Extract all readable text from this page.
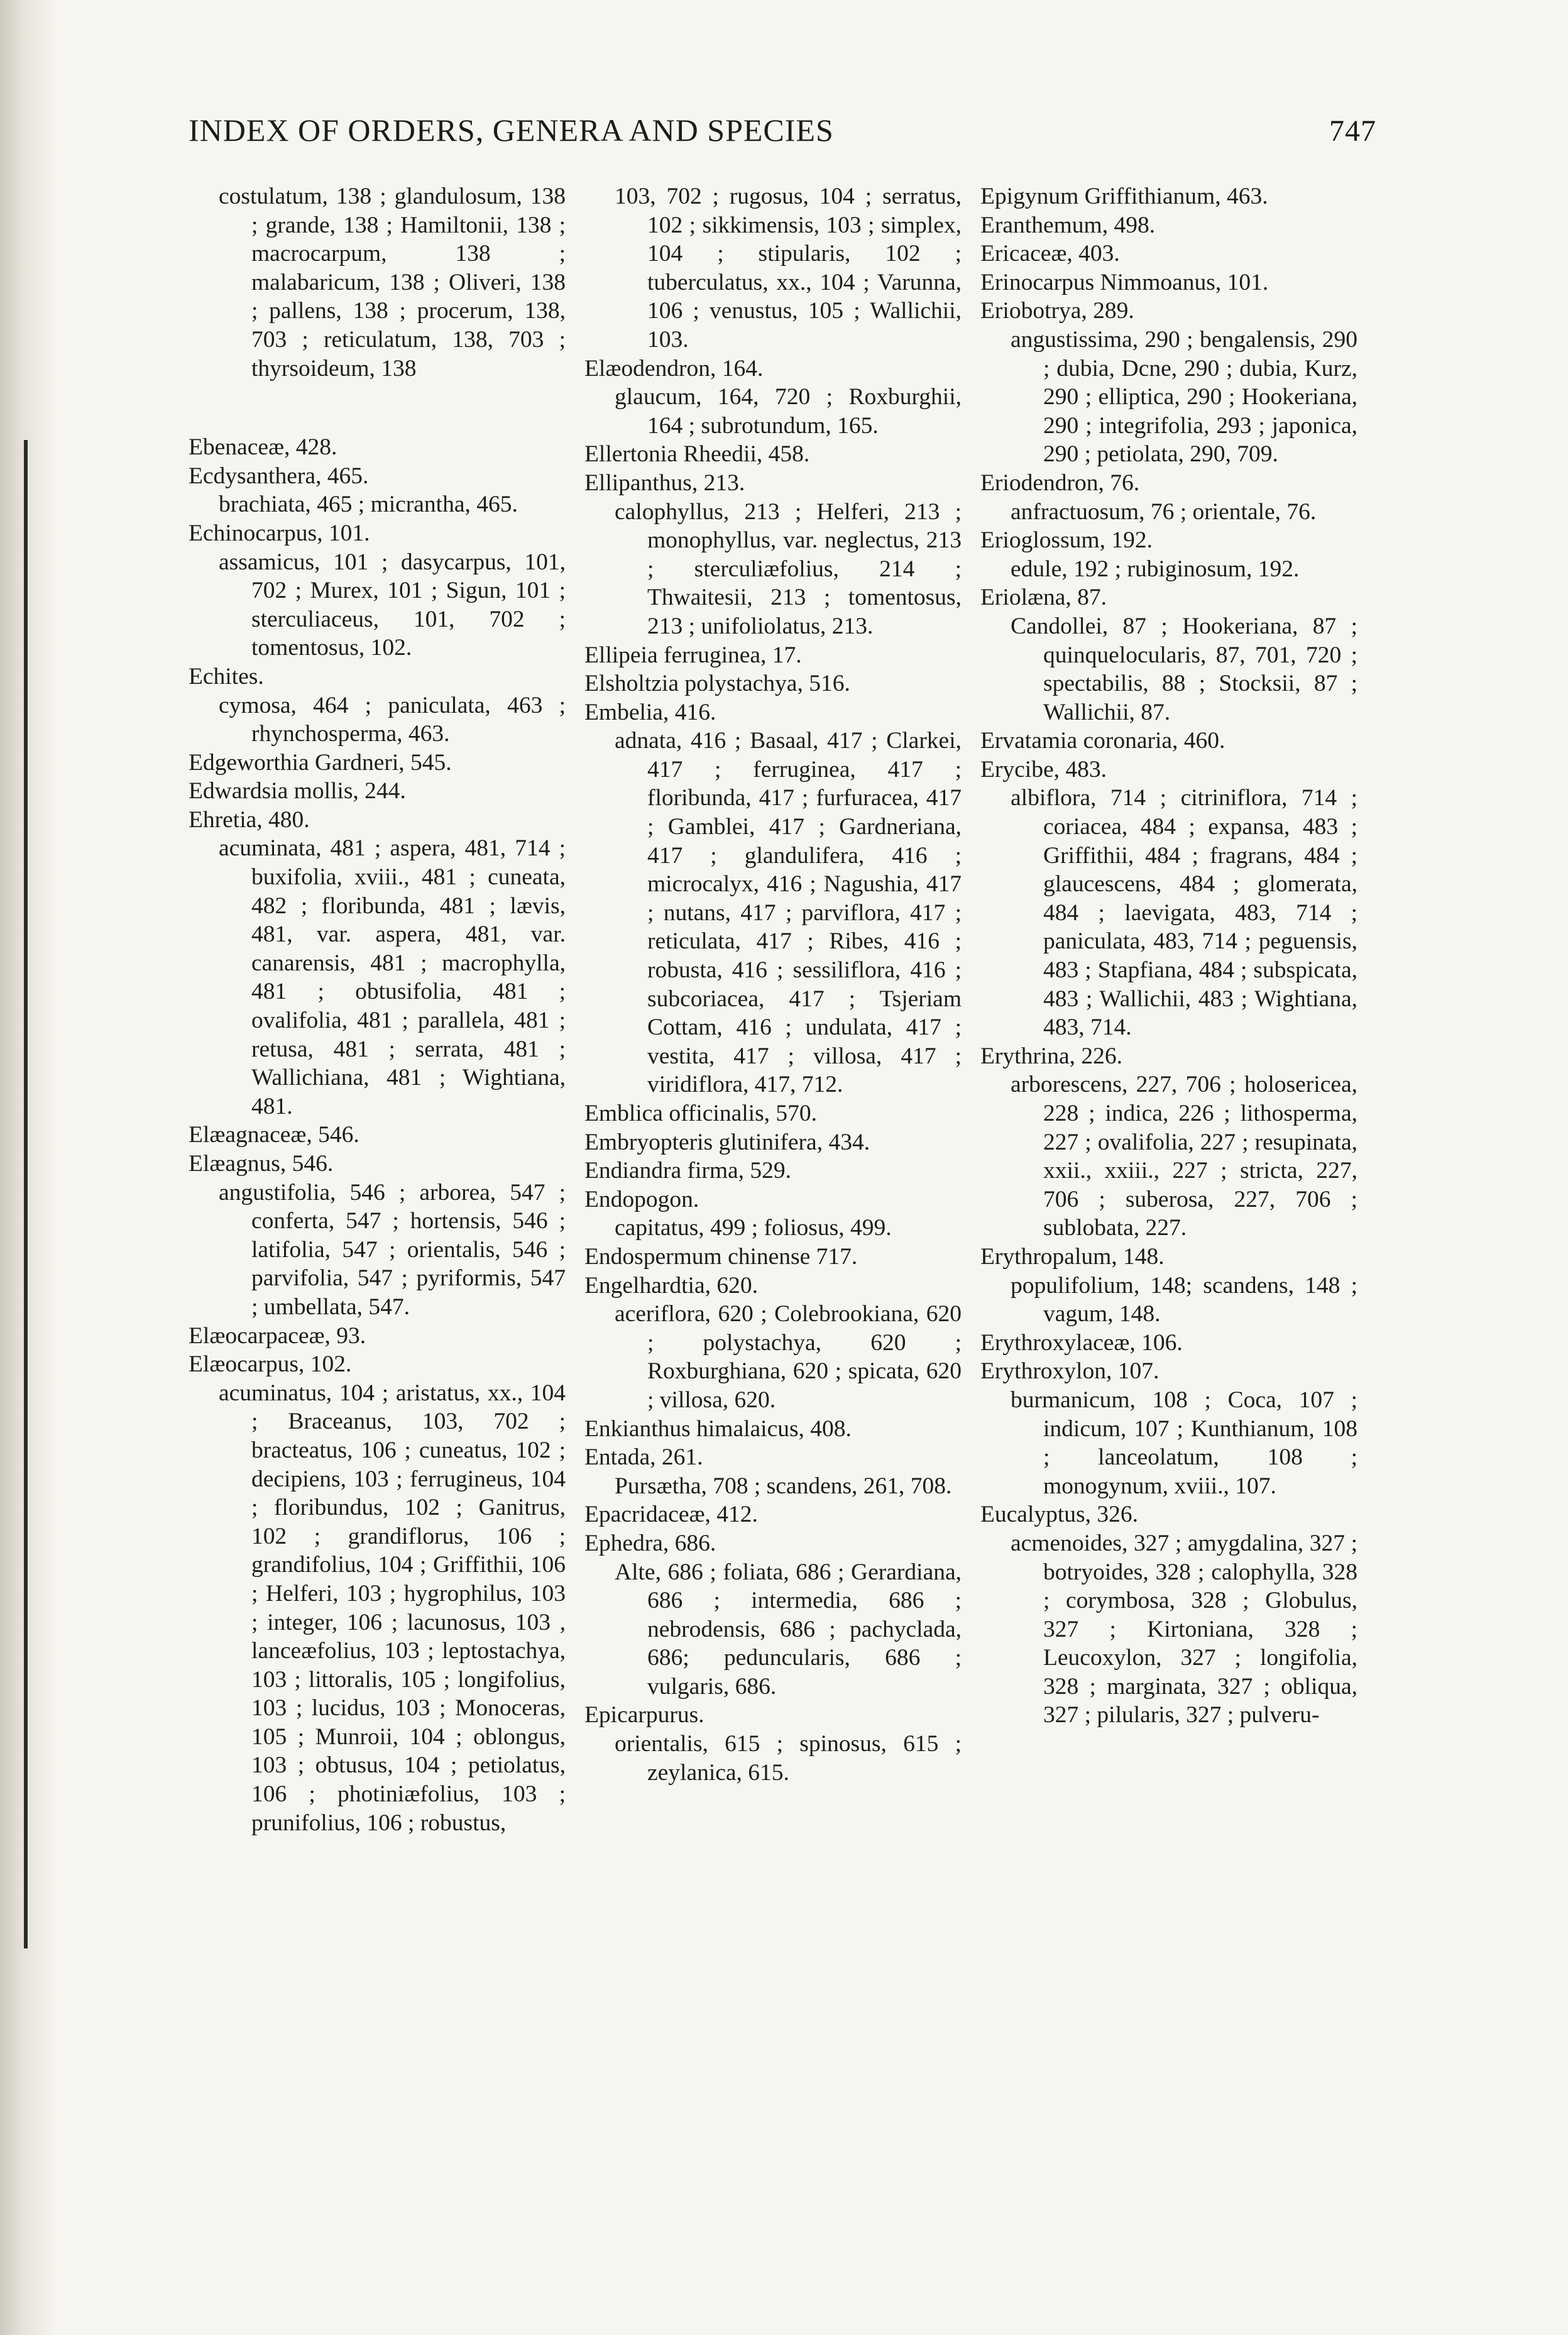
INDEX OF ORDERS, GENERA AND SPECIES	747

costulatum, 138 ; glandulosum, 138 ; grande, 138 ; Hamiltonii, 138 ; macrocarpum, 138 ; malabaricum, 138 ; Oliveri, 138 ; pallens, 138 ; procerum, 138, 703 ; reticulatum, 138, 703 ; thyrsoideum, 138

Ebenaceæ, 428.

Ecdysanthera, 465.

brachiata, 465 ; micrantha, 465.

Echinocarpus, 101.

assamicus, 101 ; dasycarpus, 101, 702 ; Murex, 101 ; Sigun, 101 ; sterculiaceus, 101, 702 ; tomentosus, 102.

Echites.

cymosa, 464 ; paniculata, 463 ; rhynchosperma, 463.

Edgeworthia Gardneri, 545.

Edwardsia mollis, 244.

Ehretia, 480.

acuminata, 481 ; aspera, 481, 714 ; buxifolia, xviii., 481 ; cuneata, 482 ; floribunda, 481 ; lævis, 481, var. aspera, 481, var. canarensis, 481 ; macrophylla, 481 ; obtusifolia, 481 ; ovalifolia, 481 ; parallela, 481 ; retusa, 481 ; serrata, 481 ; Wallichiana, 481 ; Wightiana, 481.

Elæagnaceæ, 546.

Elæagnus, 546.

angustifolia, 546 ; arborea, 547 ; conferta, 547 ; hortensis, 546 ; latifolia, 547 ; orientalis, 546 ; parvifolia, 547 ; pyriformis, 547 ; umbellata, 547.

Elæocarpaceæ, 93.

Elæocarpus, 102.

acuminatus, 104 ; aristatus, xx., 104 ; Braceanus, 103, 702 ; bracteatus, 106 ; cuneatus, 102 ; decipiens, 103 ; ferrugineus, 104 ; floribundus, 102 ; Ganitrus, 102 ; grandiflorus, 106 ; grandifolius, 104 ; Griffithii, 106 ; Helferi, 103 ; hygrophilus, 103 ; integer, 106 ; lacunosus, 103 , lanceæfolius, 103 ; leptostachya, 103 ; littoralis, 105 ; longifolius, 103 ; lucidus, 103 ; Monoceras, 105 ; Munroii, 104 ; oblongus, 103 ; obtusus, 104 ; petiolatus, 106 ; photiniæfolius, 103 ; prunifolius, 106 ; robustus,

103, 702 ; rugosus, 104 ; serratus, 102 ; sikkimensis, 103 ; simplex, 104 ; stipularis, 102 ; tuberculatus, xx., 104 ; Varunna, 106 ; venustus, 105 ; Wallichii, 103.

Elæodendron, 164.

glaucum, 164, 720 ; Roxburghii, 164 ; subrotundum, 165.

Ellertonia Rheedii, 458.

Ellipanthus, 213.

calophyllus, 213 ; Helferi, 213 ; monophyllus, var. neglectus, 213 ; sterculiæfolius, 214 ; Thwaitesii, 213 ; tomentosus, 213 ; unifoliolatus, 213.

Ellipeia ferruginea, 17.

Elsholtzia polystachya, 516.

Embelia, 416.

adnata, 416 ; Basaal, 417 ; Clarkei, 417 ; ferruginea, 417 ; floribunda, 417 ; furfuracea, 417 ; Gamblei, 417 ; Gardneriana, 417 ; glandulifera, 416 ; microcalyx, 416 ; Nagushia, 417 ; nutans, 417 ; parviflora, 417 ; reticulata, 417 ; Ribes, 416 ; robusta, 416 ; sessiliflora, 416 ; subcoriacea, 417 ; Tsjeriam Cottam, 416 ; undulata, 417 ; vestita, 417 ; villosa, 417 ; viridiflora, 417, 712.

Emblica officinalis, 570.

Embryopteris glutinifera, 434.

Endiandra firma, 529.

Endopogon.

capitatus, 499 ; foliosus, 499.

Endospermum chinense 717.

Engelhardtia, 620.

aceriflora, 620 ; Colebrookiana, 620 ; polystachya, 620 ; Roxburghiana, 620 ; spicata, 620 ; villosa, 620.

Enkianthus himalaicus, 408.

Entada, 261.

Pursætha, 708 ; scandens, 261, 708.

Epacridaceæ, 412.

Ephedra, 686.

Alte, 686 ; foliata, 686 ; Gerardiana, 686 ; intermedia, 686 ; nebrodensis, 686 ; pachyclada, 686; peduncularis, 686 ; vulgaris, 686.

Epicarpurus.

orientalis, 615 ; spinosus, 615 ; zeylanica, 615.

Epigynum Griffithianum, 463.

Eranthemum, 498.

Ericaceæ, 403.

Erinocarpus Nimmoanus, 101.

Eriobotrya, 289.

angustissima, 290 ; bengalensis, 290 ; dubia, Dcne, 290 ; dubia, Kurz, 290 ; elliptica, 290 ; Hookeriana, 290 ; integrifolia, 293 ; japonica, 290 ; petiolata, 290, 709.

Eriodendron, 76.

anfractuosum, 76 ; orientale, 76.

Erioglossum, 192.

edule, 192 ; rubiginosum, 192.

Eriolæna, 87.

Candollei, 87 ; Hookeriana, 87 ; quinquelocularis, 87, 701, 720 ; spectabilis, 88 ; Stocksii, 87 ; Wallichii, 87.

Ervatamia coronaria, 460.

Erycibe, 483.

albiflora, 714 ; citriniflora, 714 ; coriacea, 484 ; expansa, 483 ; Griffithii, 484 ; fragrans, 484 ; glaucescens, 484 ; glomerata, 484 ; laevigata, 483, 714 ; paniculata, 483, 714 ; peguensis, 483 ; Stapfiana, 484 ; subspicata, 483 ; Wallichii, 483 ; Wightiana, 483, 714.

Erythrina, 226.

arborescens, 227, 706 ; holosericea, 228 ; indica, 226 ; lithosperma, 227 ; ovalifolia, 227 ; resupinata, xxii., xxiii., 227 ; stricta, 227, 706 ; suberosa, 227, 706 ; sublobata, 227.

Erythropalum, 148.

populifolium, 148; scandens, 148 ; vagum, 148.

Erythroxylaceæ, 106.

Erythroxylon, 107.

burmanicum, 108 ; Coca, 107 ; indicum, 107 ; Kunthianum, 108 ; lanceolatum, 108 ; monogynum, xviii., 107.

Eucalyptus, 326.

acmenoides, 327 ; amygdalina, 327 ; botryoides, 328 ; calophylla, 328 ; corymbosa, 328 ; Globulus, 327 ; Kirtoniana, 328 ; Leucoxylon, 327 ; longifolia, 328 ; marginata, 327 ; obliqua, 327 ; pilularis, 327 ; pulveru-
